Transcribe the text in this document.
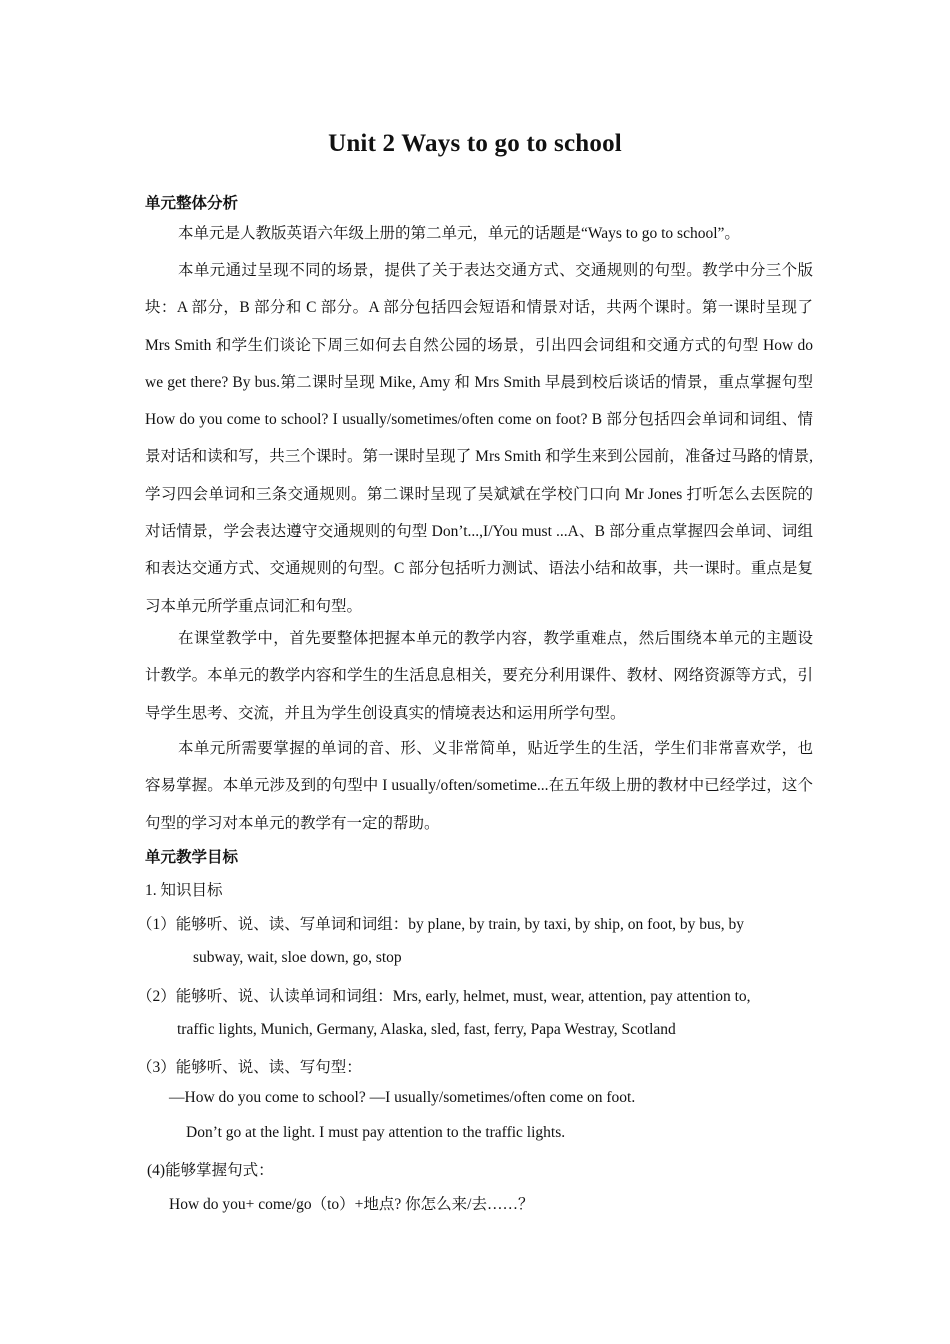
Unit 2 Ways to go to school
单元整体分析
本单元是人教版英语六年级上册的第二单元，单元的话题是“Ways to go to school”。
本单元通过呈现不同的场景，提供了关于表达交通方式、交通规则的句型。教学中分三个版块：A 部分，B 部分和 C 部分。A 部分包括四会短语和情景对话，共两个课时。第一课时呈现了 Mrs Smith 和学生们谈论下周三如何去自然公园的场景，引出四会词组和交通方式的句型 How do we get there? By bus.第二课时呈现 Mike, Amy 和 Mrs Smith 早晨到校后谈话的情景，重点掌握句型 How do you come to school? I usually/sometimes/often come on foot? B 部分包括四会单词和词组、情景对话和读和写，共三个课时。第一课时呈现了 Mrs Smith 和学生来到公园前，准备过马路的情景, 学习四会单词和三条交通规则。第二课时呈现了吴斌斌在学校门口向 Mr Jones 打听怎么去医院的对话情景，学会表达遵守交通规则的句型 Don’t...,I/You must ...A、B 部分重点掌握四会单词、词组和表达交通方式、交通规则的句型。C 部分包括听力测试、语法小结和故事，共一课时。重点是复习本单元所学重点词汇和句型。
在课堂教学中，首先要整体把握本单元的教学内容，教学重难点，然后围绕本单元的主题设计教学。本单元的教学内容和学生的生活息息相关，要充分利用课件、教材、网络资源等方式，引导学生思考、交流，并且为学生创设真实的情境表达和运用所学句型。
本单元所需要掌握的单词的音、形、义非常简单，贴近学生的生活，学生们非常喜欢学，也容易掌握。本单元涉及到的句型中 I usually/often/sometime...在五年级上册的教材中已经学过，这个句型的学习对本单元的教学有一定的帮助。
单元教学目标
1. 知识目标
（1）能够听、说、读、写单词和词组：by plane, by train, by taxi, by ship, on foot, by bus, by
subway, wait, sloe down, go, stop
（2）能够听、说、认读单词和词组：Mrs, early, helmet, must, wear, attention, pay attention to,
traffic lights, Munich, Germany, Alaska, sled, fast, ferry, Papa Westray, Scotland
（3）能够听、说、读、写句型：
—How do you come to school? —I usually/sometimes/often come on foot.
Don’t go at the light. I must pay attention to the traffic lights.
(4)能够掌握句式：
How do you+ come/go（to）+地点? 你怎么来/去……？
